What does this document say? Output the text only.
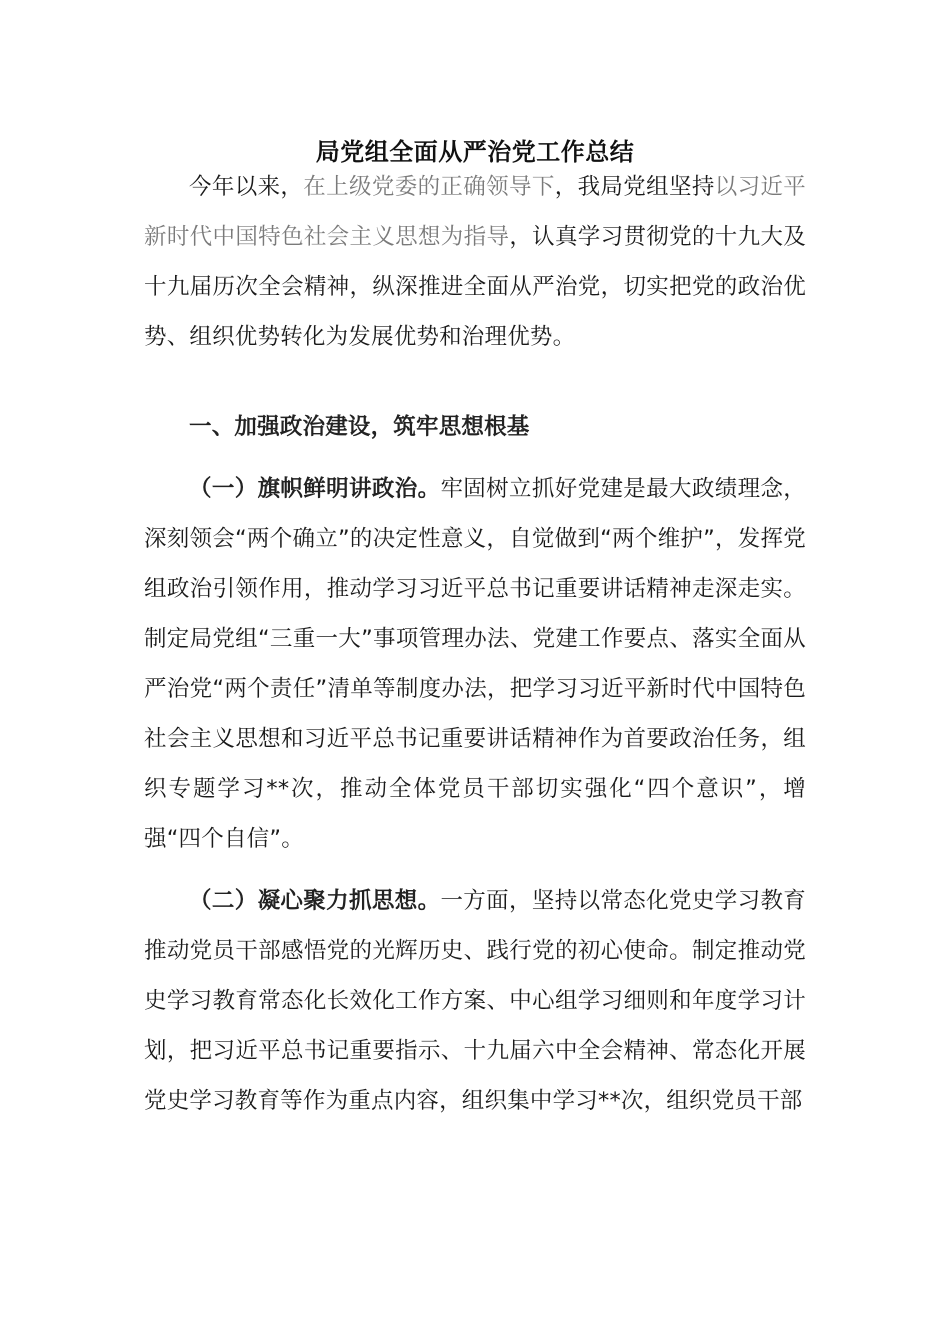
局党组全面从严治党工作总结

今年以来，在上级党委的正确领导下，我局党组坚持以习近平新时代中国特色社会主义思想为指导，认真学习贯彻党的十九大及十九届历次全会精神，纵深推进全面从严治党，切实把党的政治优势、组织优势转化为发展优势和治理优势。

一、加强政治建设，筑牢思想根基

（一）旗帜鲜明讲政治。牢固树立抓好党建是最大政绩理念，深刻领会“两个确立”的决定性意义，自觉做到“两个维护”，发挥党组政治引领作用，推动学习习近平总书记重要讲话精神走深走实。制定局党组“三重一大”事项管理办法、党建工作要点、落实全面从严治党“两个责任”清单等制度办法，把学习习近平新时代中国特色社会主义思想和习近平总书记重要讲话精神作为首要政治任务，组织专题学习**次，推动全体党员干部切实强化“四个意识”，增强“四个自信”。

（二）凝心聚力抓思想。一方面，坚持以常态化党史学习教育推动党员干部感悟党的光辉历史、践行党的初心使命。制定推动党史学习教育常态化长效化工作方案、中心组学习细则和年度学习计划，把习近平总书记重要指示、十九届六中全会精神、常态化开展党史学习教育等作为重点内容，组织集中学习**次，组织党员干部
